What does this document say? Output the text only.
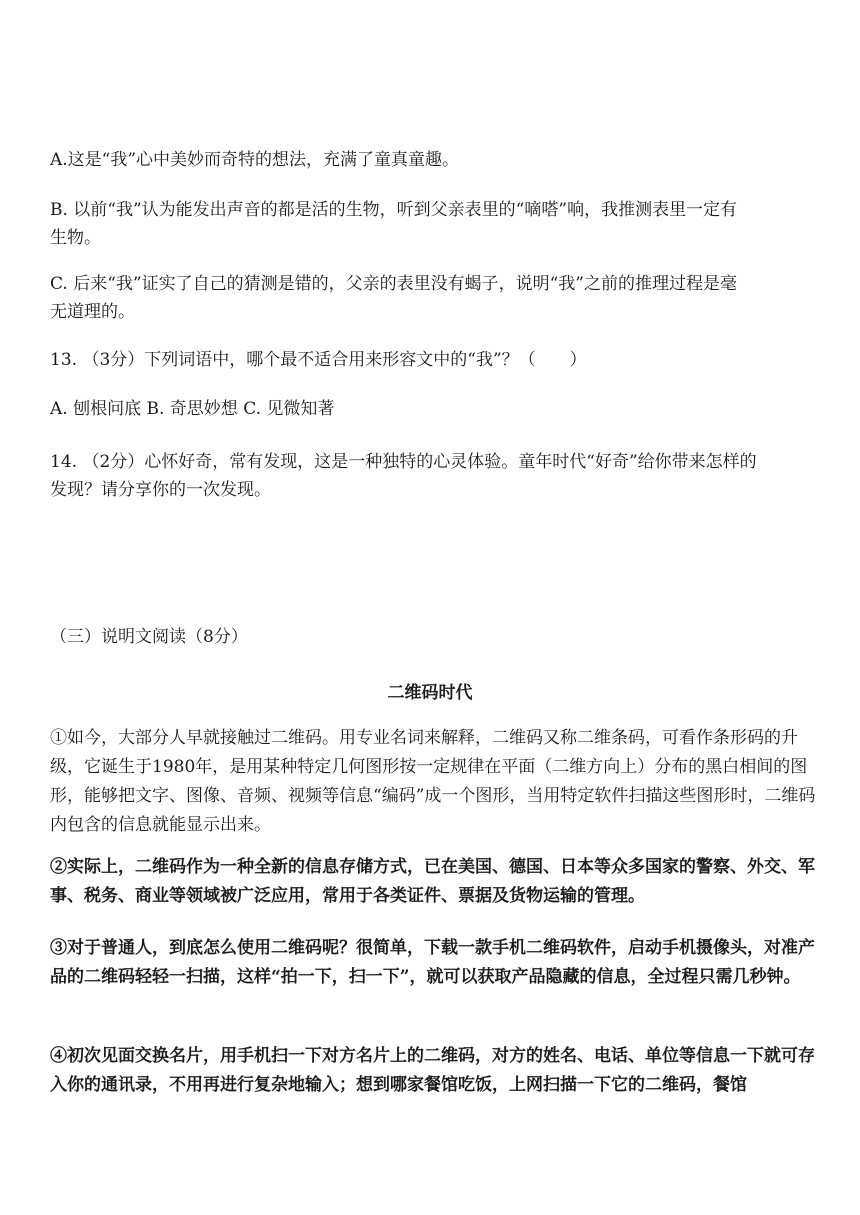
A.这是“我”心中美妙而奇特的想法，充满了童真童趣。
B. 以前“我”认为能发出声音的都是活的生物，听到父亲表里的“嘀嗒”响，我推测表里一定有
生物。
C. 后来“我”证实了自己的猜测是错的，父亲的表里没有蝎子，说明“我”之前的推理过程是毫
无道理的。
13. （3分）下列词语中，哪个最不适合用来形容文中的“我”？（　　）
A. 刨根问底 B. 奇思妙想 C. 见微知著
14. （2分）心怀好奇，常有发现，这是一种独特的心灵体验。童年时代“好奇”给你带来怎样的
发现？请分享你的一次发现。
（三）说明文阅读（8分）
二维码时代
①如今，大部分人早就接触过二维码。用专业名词来解释，二维码又称二维条码，可看作条形码的升级，它诞生于1980年，是用某种特定几何图形按一定规律在平面（二维方向上）分布的黑白相间的图形，能够把文字、图像、音频、视频等信息“编码”成一个图形，当用特定软件扫描这些图形时，二维码内包含的信息就能显示出来。
②实际上，二维码作为一种全新的信息存储方式，已在美国、德国、日本等众多国家的警察、外交、军事、税务、商业等领域被广泛应用，常用于各类证件、票据及货物运输的管理。
③对于普通人，到底怎么使用二维码呢？很简单，下载一款手机二维码软件，启动手机摄像头，对准产品的二维码轻轻一扫描，这样“拍一下，扫一下”，就可以获取产品隐藏的信息，全过程只需几秒钟。
④初次见面交换名片，用手机扫一下对方名片上的二维码，对方的姓名、电话、单位等信息一下就可存入你的通讯录，不用再进行复杂地输入；想到哪家餐馆吃饭，上网扫描一下它的二维码，餐馆
